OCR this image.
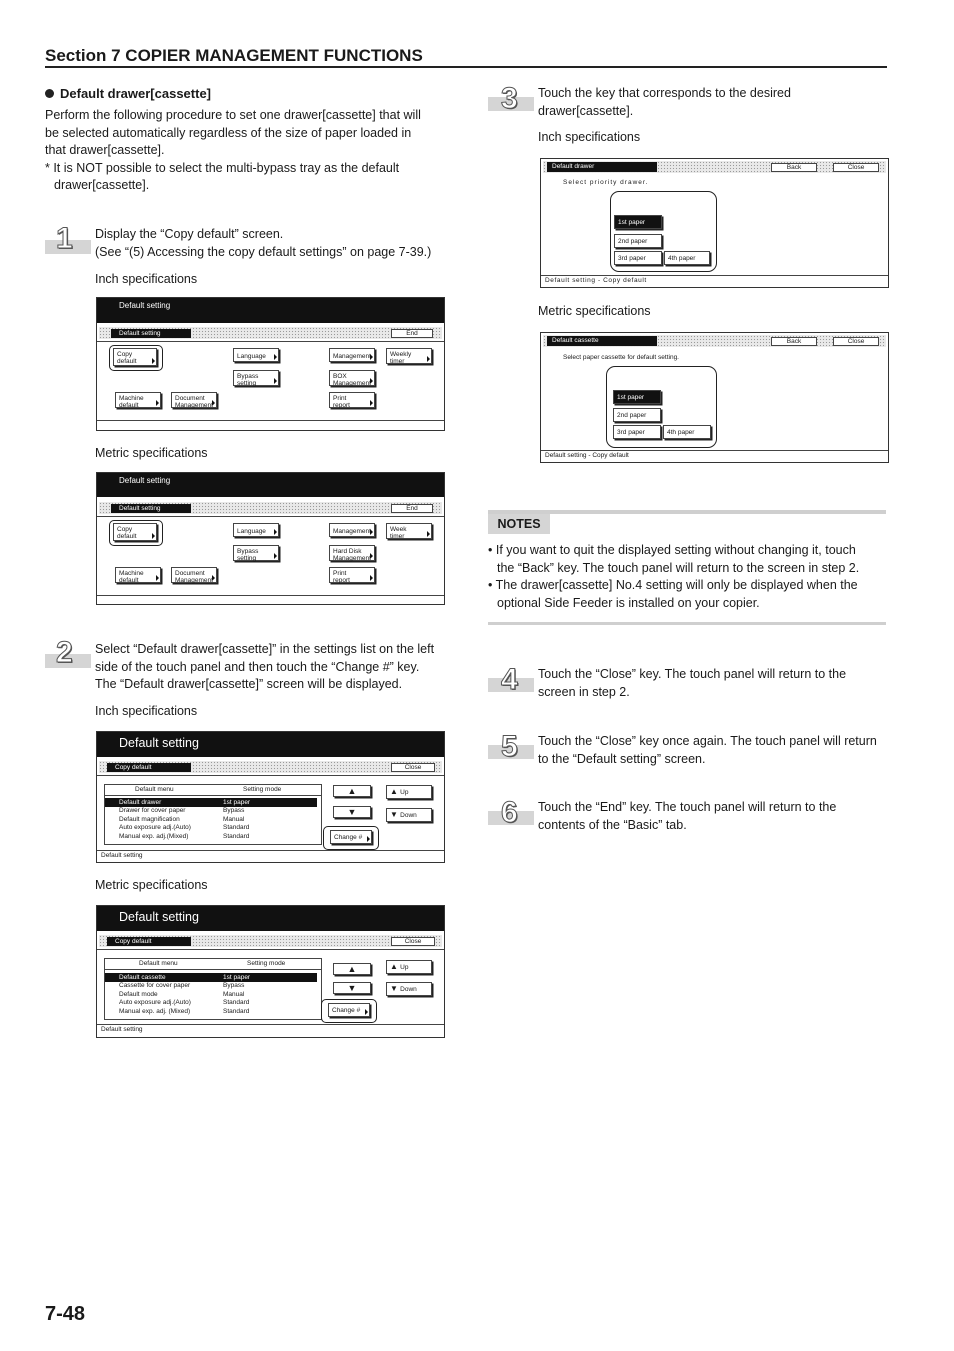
Section 7 COPIER MANAGEMENT FUNCTIONS
Default drawer[cassette]
Perform the following procedure to set one drawer[cassette] that will
be selected automatically regardless of the size of paper loaded in
that drawer[cassette].
* It is NOT possible to select the multi-bypass tray as the default
drawer[cassette].
1 Display the “Copy default” screen.
(See “(5) Accessing the copy default settings” on page 7-39.)
Inch specifications
Default setting
Default setting	End
Copy
default
Language	Management	Weekly
timer
Bypass
setting
BOX
Management
Machine
default
Document
Management
Print
report
Metric specifications
Default setting
Default setting	End
Copy
default
Language	Management	Week
timer
Bypass
setting
Hard Disk
Management
Machine
default
Document
Management
Print
report
2 Select “Default drawer[cassette]” in the settings list on the left
side of the touch panel and then touch the “Change #” key.
The “Default drawer[cassette]” screen will be displayed.
Inch specifications
Default setting
Copy default	Close
Default menu	Setting mode
Default drawer	1st paper
Drawer for cover paper	Bypass
Default magnification	Manual
Auto exposure adj.(Auto)	Standard
Manual exp. adj.(Mixed)	Standard
▲
▼
▲ Up
▼ Down
Change #
Default setting
Metric specifications
Default setting
Copy default	Close
Default menu	Setting mode
Default cassette	1st paper
Cassette for cover paper	Bypass
Default mode	Manual
Auto exposure adj.(Auto)	Standard
Manual exp. adj. (Mixed)	Standard
▲
▼
▲ Up
▼ Down
Change #
Default setting
3 Touch the key that corresponds to the desired
drawer[cassette].
Inch specifications
Default drawer	Back	Close
Select priority drawer.
1st paper
2nd paper
3rd paper	4th paper
Default setting - Copy default
Metric specifications
Default cassette	Back	Close
Select paper cassette for default setting.
1st paper
2nd paper
3rd paper	4th paper
Default setting - Copy default
NOTES
• If you want to quit the displayed setting without changing it, touch
the “Back” key. The touch panel will return to the screen in step 2.
• The drawer[cassette] No.4 setting will only be displayed when the
optional Side Feeder is installed on your copier.
4 Touch the “Close” key. The touch panel will return to the
screen in step 2.
5 Touch the “Close” key once again. The touch panel will return
to the “Default setting” screen.
6 Touch the “End” key. The touch panel will return to the
contents of the “Basic” tab.
7-48
